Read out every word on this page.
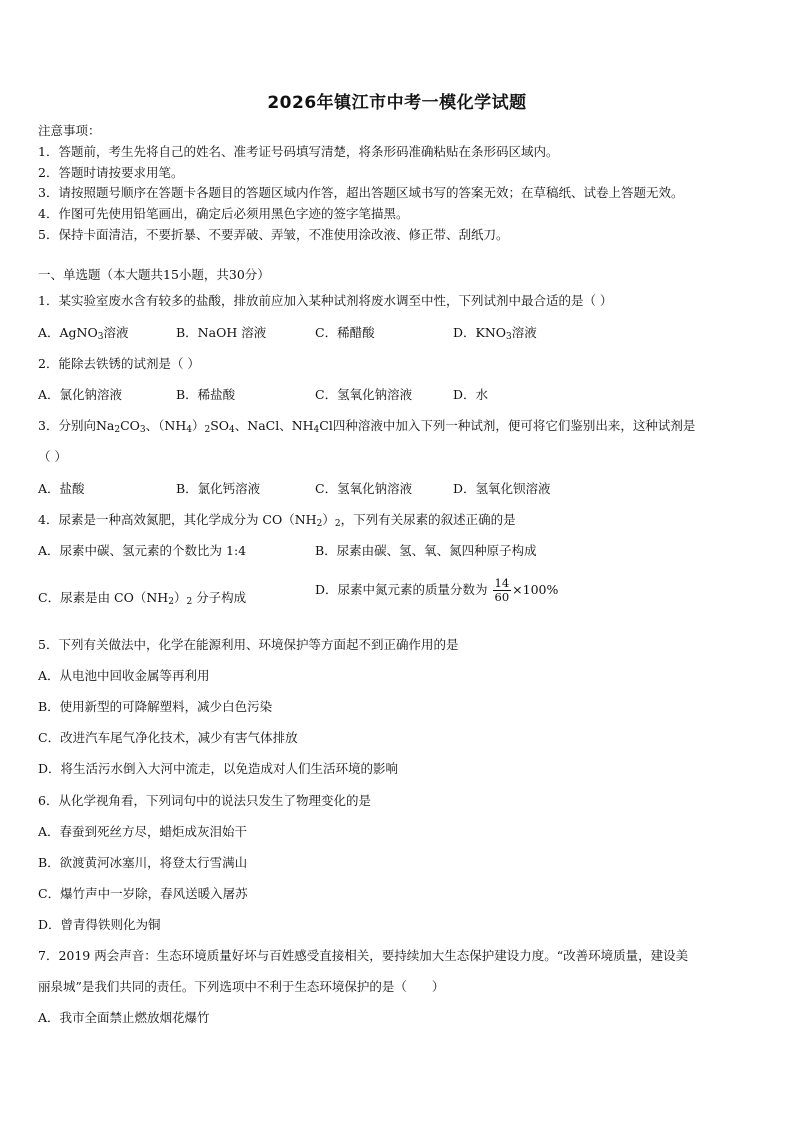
2026年镇江市中考一模化学试题
注意事项：
1．答题前，考生先将自己的姓名、准考证号码填写清楚，将条形码准确粘贴在条形码区域内。
2．答题时请按要求用笔。
3．请按照题号顺序在答题卡各题目的答题区域内作答，超出答题区域书写的答案无效；在草稿纸、试卷上答题无效。
4．作图可先使用铅笔画出，确定后必须用黑色字迹的签字笔描黑。
5．保持卡面清洁，不要折暴、不要弄破、弄皱，不准使用涂改液、修正带、刮纸刀。
一、单选题（本大题共15小题，共30分）
1．某实验室废水含有较多的盐酸，排放前应加入某种试剂将废水调至中性，下列试剂中最合适的是（ ）
A．AgNO$_3$溶液	B．NaOH 溶液	C．稀醋酸	D．$KNO_3$溶液
2．能除去铁锈的试剂是（ ）
A．氯化钠溶液	B．稀盐酸	C．氢氧化钠溶液	D．水
3．分别向$Na_2CO_3$、$(NH_4)_2SO_4$、NaCl、$NH_4Cl$四种溶液中加入下列一种试剂，便可将它们鉴别出来，这种试剂是
（ ）
A．盐酸	B．氯化钙溶液	C．氢氧化钠溶液	D．氢氧化钡溶液
4．尿素是一种高效氮肥，其化学成分为 $CO(NH_2)_2$，下列有关尿素的叙述正确的是
A．尿素中碳、氢元素的个数比为 1:4	B．尿素由碳、氢、氧、氮四种原子构成
C．尿素是由 $CO(NH_2)_2$ 分子构成
D．尿素中氮元素的质量分数为 $\frac{14}{60} \times 100\%$
5．下列有关做法中，化学在能源利用、环境保护等方面起不到正确作用的是
A．从电池中回收金属等再利用
B．使用新型的可降解塑料，减少白色污染
C．改进汽车尾气净化技术，减少有害气体排放
D．将生活污水倒入大河中流走，以免造成对人们生活环境的影响
6．从化学视角看，下列词句中的说法只发生了物理变化的是
A．春蚕到死丝方尽，蜡炬成灰泪始干
B．欲渡黄河冰塞川，将登太行雪满山
C．爆竹声中一岁除，春风送暖入屠苏
D．曾青得铁则化为铜
7．2019 两会声音：生态环境质量好坏与百姓感受直接相关，要持续加大生态保护建设力度。“改善环境质量，建设美
丽泉城”是我们共同的责任。下列选项中不利于生态环境保护的是（　　）
A．我市全面禁止燃放烟花爆竹
